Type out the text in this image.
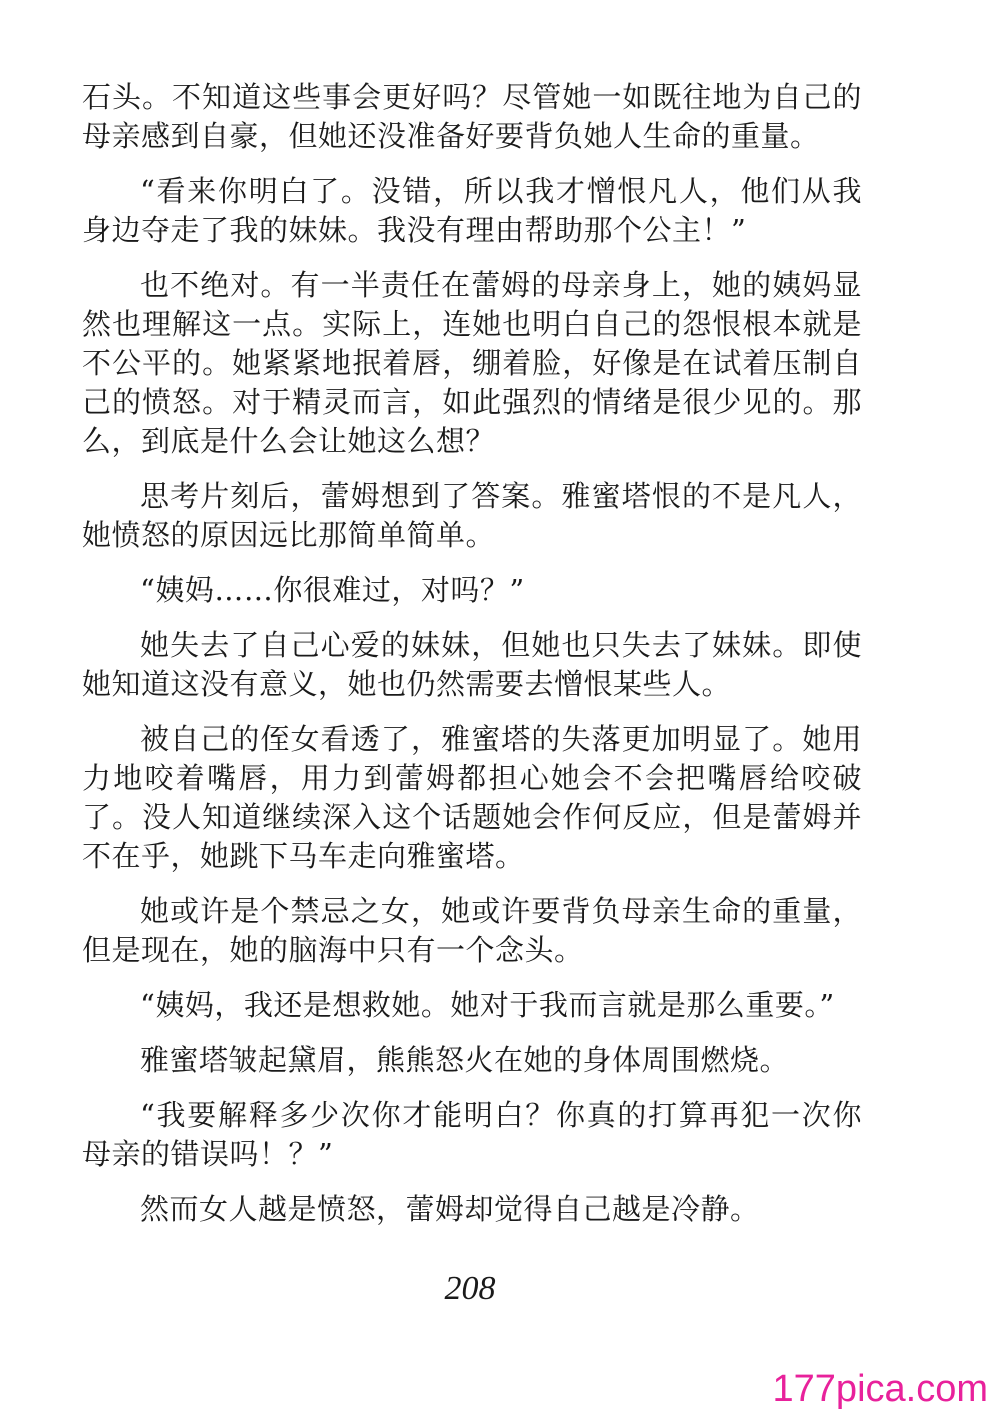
石头。不知道这些事会更好吗？尽管她一如既往地为自己的母亲感到自豪，但她还没准备好要背负她人生命的重量。

“看来你明白了。没错，所以我才憎恨凡人，他们从我身边夺走了我的妹妹。我没有理由帮助那个公主！”

也不绝对。有一半责任在蕾姆的母亲身上，她的姨妈显然也理解这一点。实际上，连她也明白自己的怨恨根本就是不公平的。她紧紧地抿着唇，绷着脸，好像是在试着压制自己的愤怒。对于精灵而言，如此强烈的情绪是很少见的。那么，到底是什么会让她这么想？

思考片刻后，蕾姆想到了答案。雅蜜塔恨的不是凡人，她愤怒的原因远比那简单简单。

“姨妈……你很难过，对吗？”

她失去了自己心爱的妹妹，但她也只失去了妹妹。即使她知道这没有意义，她也仍然需要去憎恨某些人。

被自己的侄女看透了，雅蜜塔的失落更加明显了。她用力地咬着嘴唇，用力到蕾姆都担心她会不会把嘴唇给咬破了。没人知道继续深入这个话题她会作何反应，但是蕾姆并不在乎，她跳下马车走向雅蜜塔。

她或许是个禁忌之女，她或许要背负母亲生命的重量，但是现在，她的脑海中只有一个念头。

“姨妈，我还是想救她。她对于我而言就是那么重要。”

雅蜜塔皱起黛眉，熊熊怒火在她的身体周围燃烧。

“我要解释多少次你才能明白？你真的打算再犯一次你母亲的错误吗！？”

然而女人越是愤怒，蕾姆却觉得自己越是冷静。

208
177pica.com
